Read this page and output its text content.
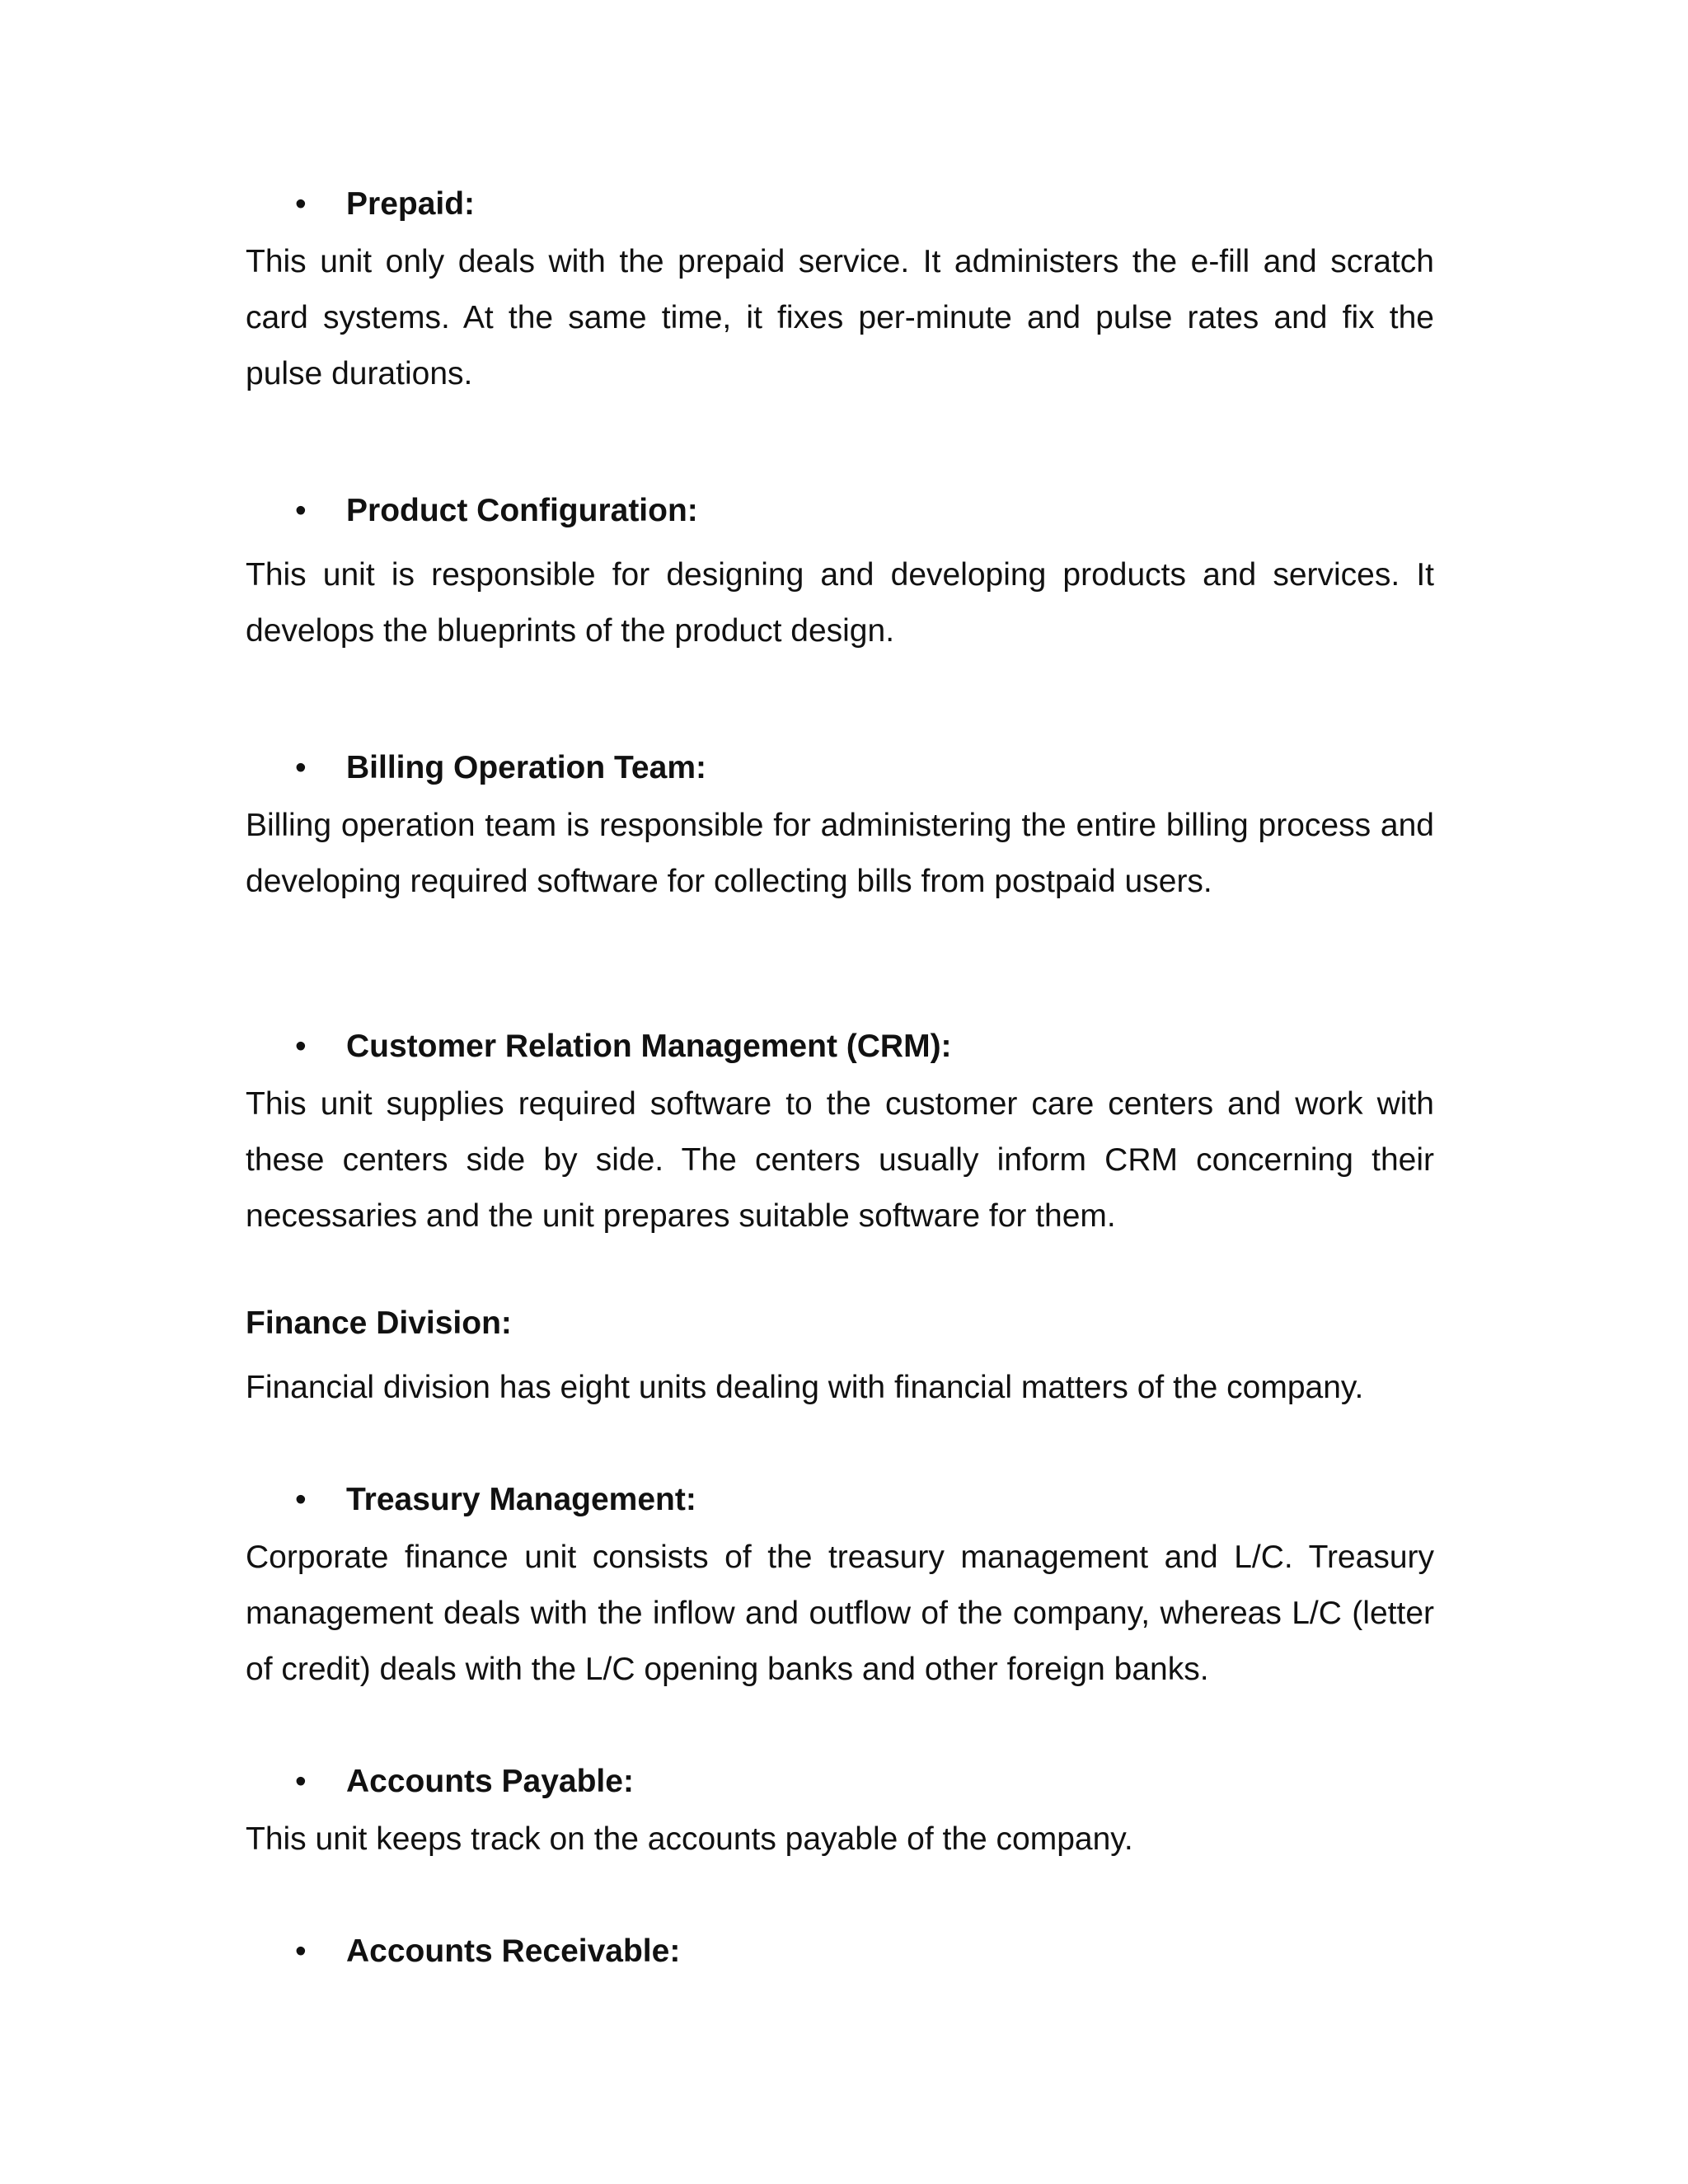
• Prepaid:

This unit only deals with the prepaid service. It administers the e-fill and scratch card systems. At the same time, it fixes per-minute and pulse rates and fix the pulse durations.

• Product Configuration:

This unit is responsible for designing and developing products and services. It develops the blueprints of the product design.

• Billing Operation Team:

Billing operation team is responsible for administering the entire billing process and developing required software for collecting bills from postpaid users.

• Customer Relation Management (CRM):

This unit supplies required software to the customer care centers and work with these centers side by side. The centers usually inform CRM concerning their necessaries and the unit prepares suitable software for them.

Finance Division:

Financial division has eight units dealing with financial matters of the company.

• Treasury Management:

Corporate finance unit consists of the treasury management and L/C. Treasury management deals with the inflow and outflow of the company, whereas L/C (letter of credit) deals with the L/C opening banks and other foreign banks.

• Accounts Payable:

This unit keeps track on the accounts payable of the company.

• Accounts Receivable:
